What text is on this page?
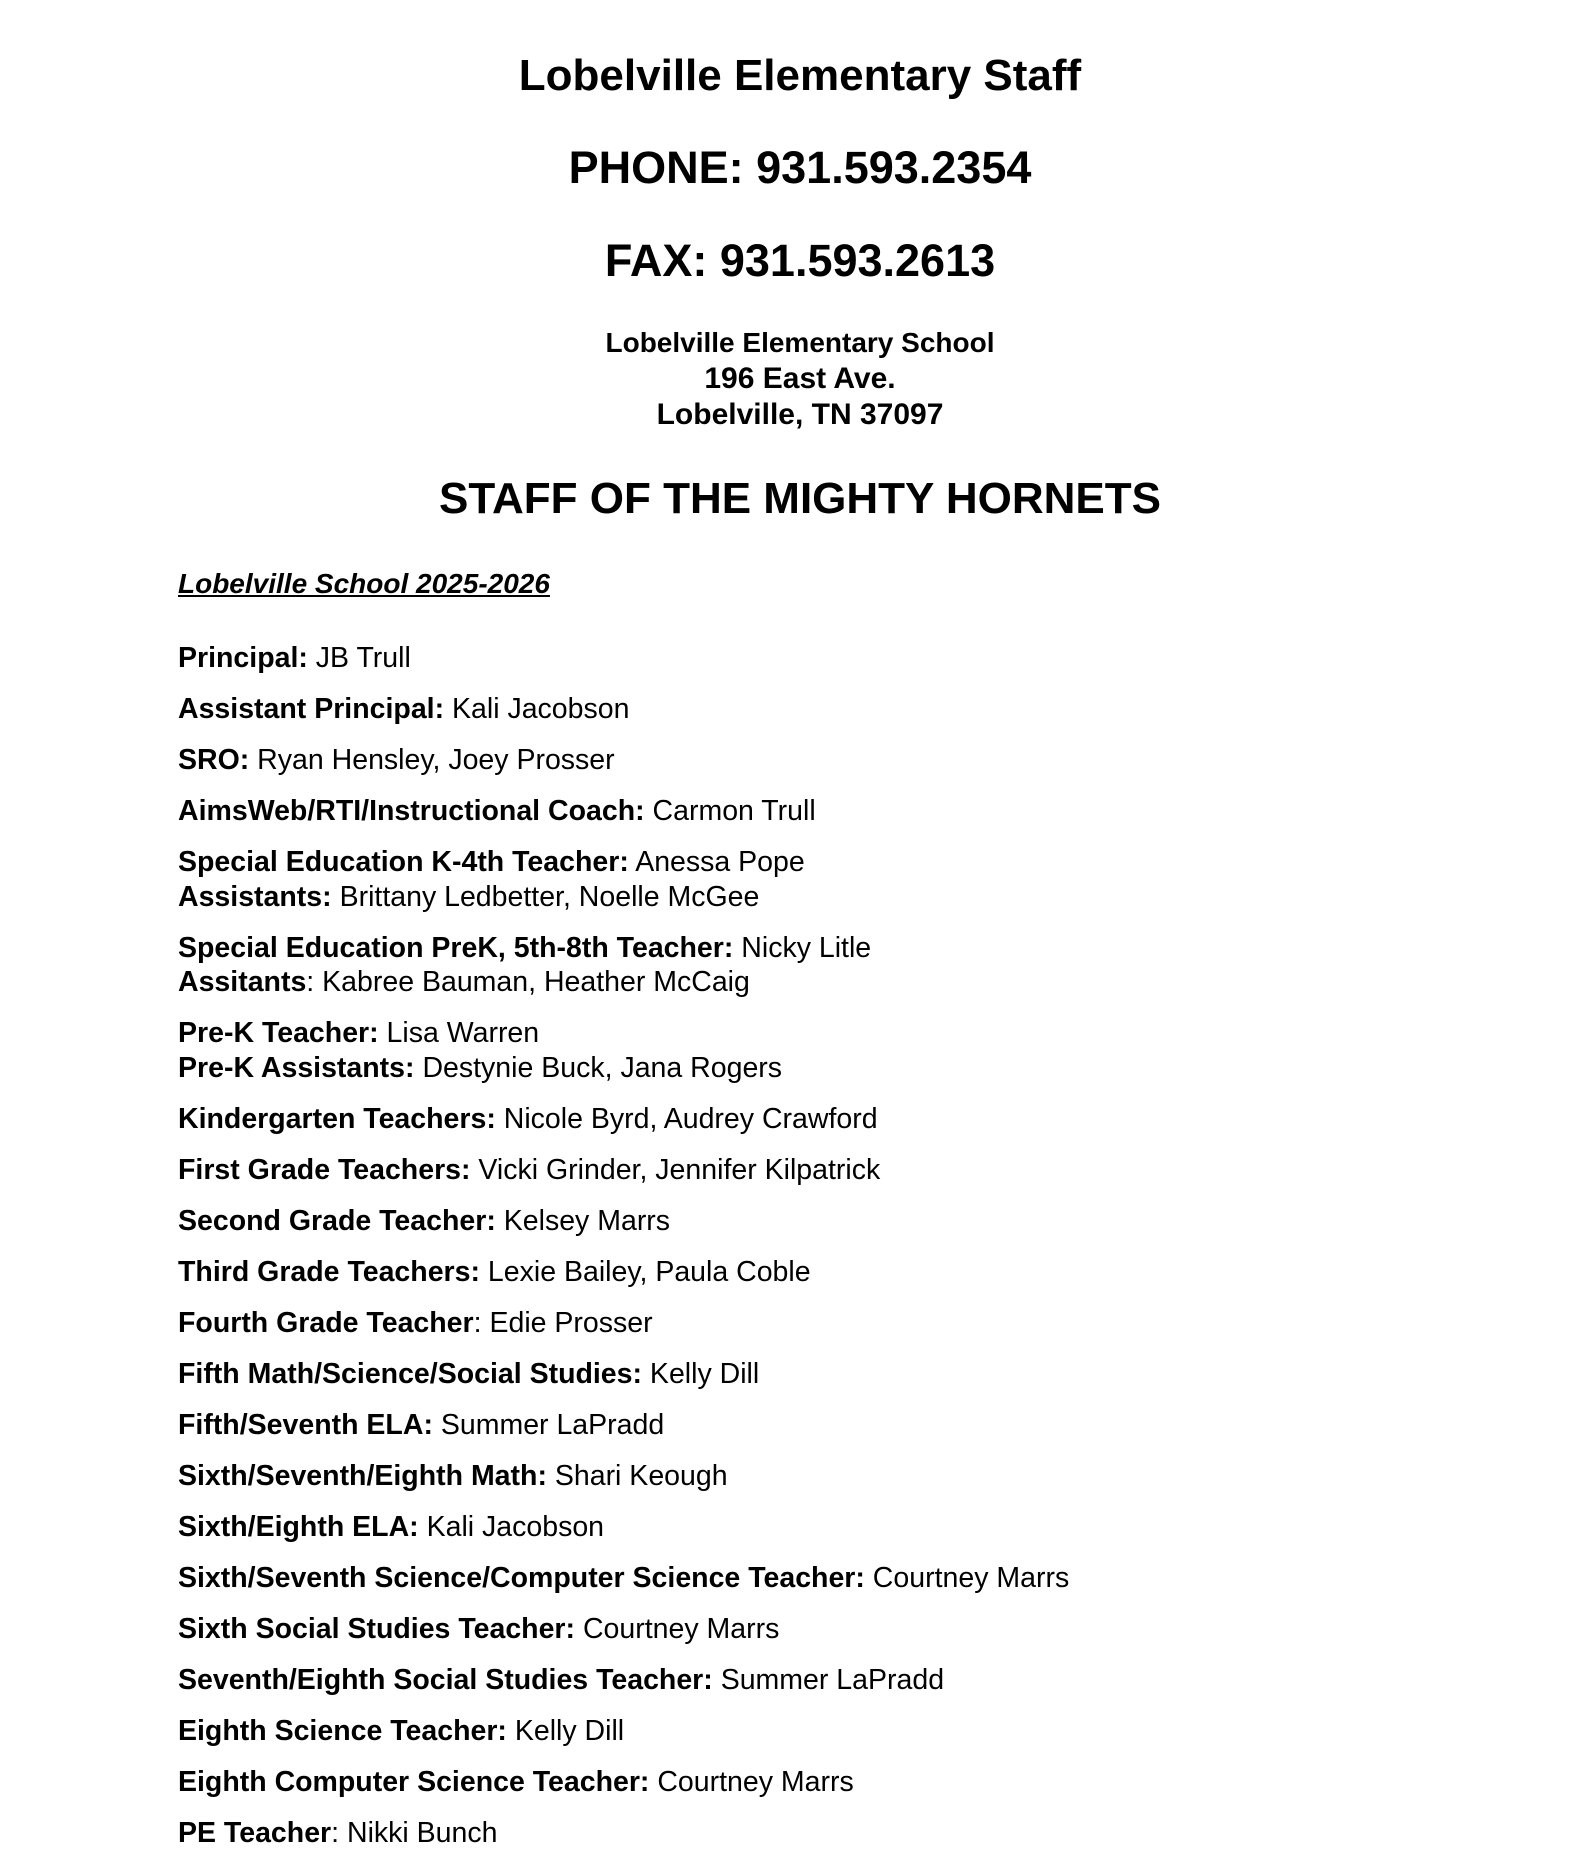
Lobelville Elementary Staff
PHONE: 931.593.2354
FAX: 931.593.2613
Lobelville Elementary School
196 East Ave.
Lobelville, TN 37097
STAFF OF THE MIGHTY HORNETS
Lobelville School 2025-2026
Principal: JB Trull
Assistant Principal: Kali Jacobson
SRO: Ryan Hensley, Joey Prosser
AimsWeb/RTI/Instructional Coach: Carmon Trull
Special Education K-4th Teacher: Anessa Pope
Assistants: Brittany Ledbetter, Noelle McGee
Special Education PreK, 5th-8th Teacher: Nicky Litle
Assitants: Kabree Bauman, Heather McCaig
Pre-K Teacher: Lisa Warren
Pre-K Assistants: Destynie Buck, Jana Rogers
Kindergarten Teachers: Nicole Byrd, Audrey Crawford
First Grade Teachers: Vicki Grinder, Jennifer Kilpatrick
Second Grade Teacher: Kelsey Marrs
Third Grade Teachers: Lexie Bailey, Paula Coble
Fourth Grade Teacher: Edie Prosser
Fifth Math/Science/Social Studies: Kelly Dill
Fifth/Seventh ELA: Summer LaPradd
Sixth/Seventh/Eighth Math: Shari Keough
Sixth/Eighth ELA: Kali Jacobson
Sixth/Seventh Science/Computer Science Teacher: Courtney Marrs
Sixth Social Studies Teacher: Courtney Marrs
Seventh/Eighth Social Studies Teacher: Summer LaPradd
Eighth Science Teacher: Kelly Dill
Eighth Computer Science Teacher: Courtney Marrs
PE Teacher: Nikki Bunch
